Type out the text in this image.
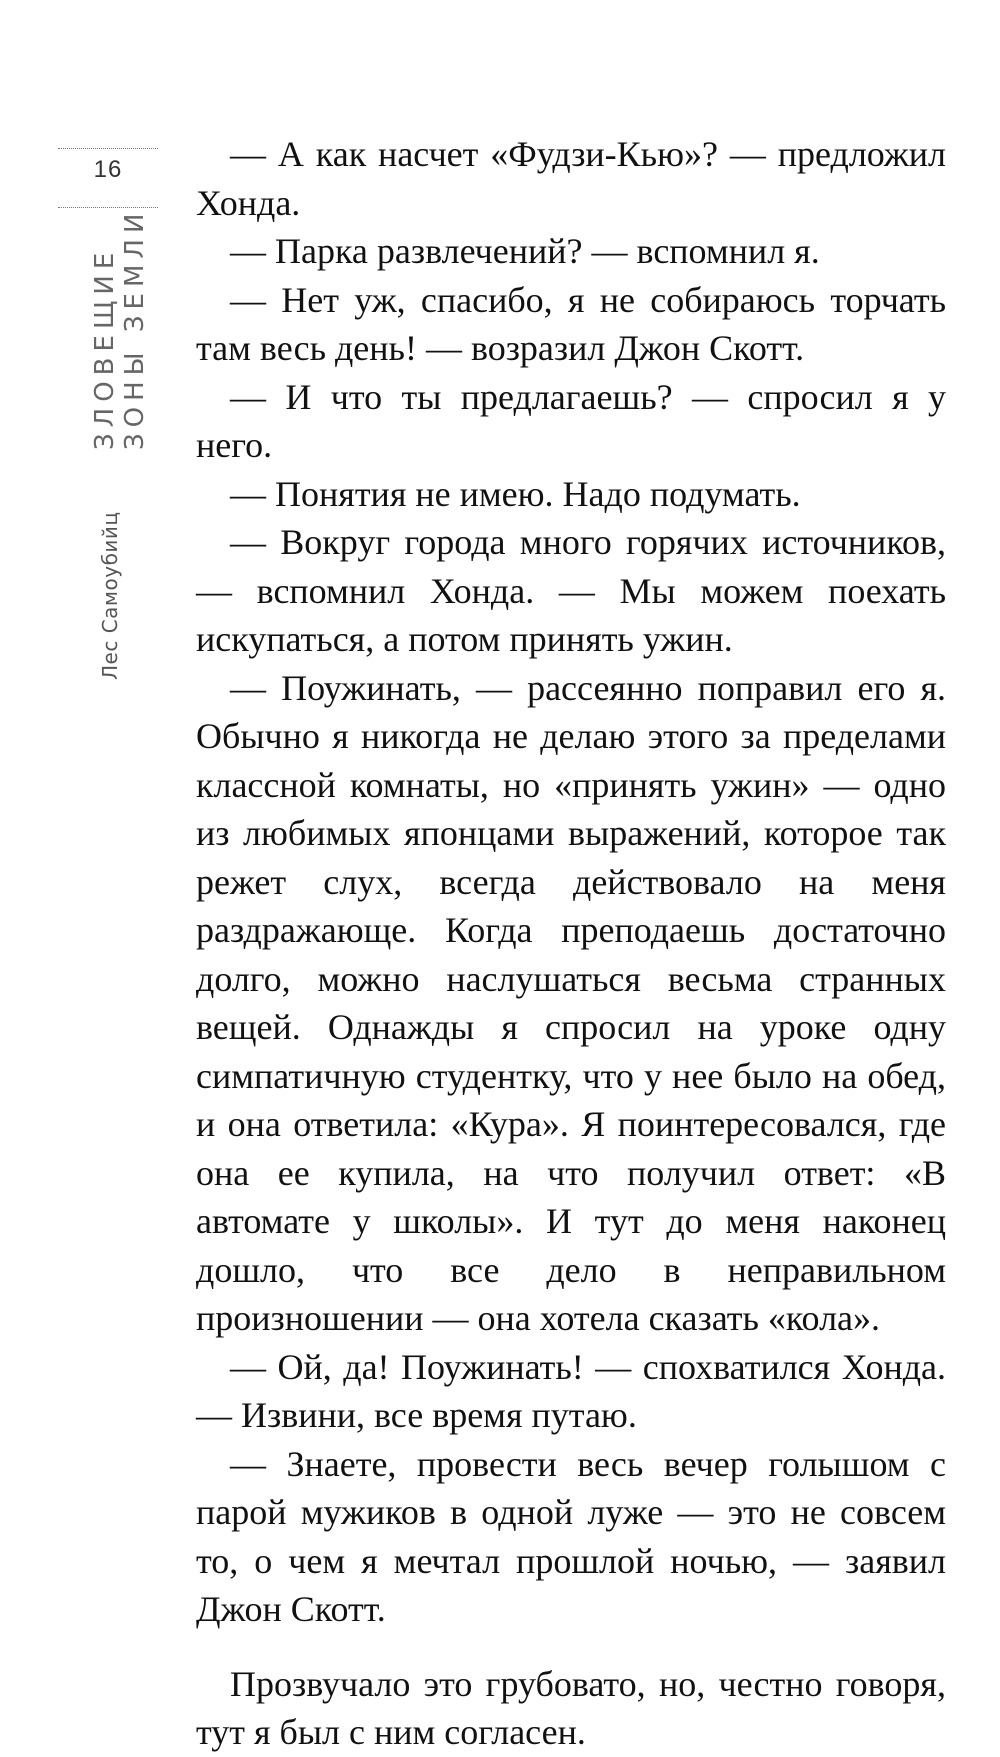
16
ЗЛОВЕЩИЕ ЗОНЫ ЗЕМЛИ
Лес Самоубийц

— А как насчет «Фудзи-Кью»? — предложил Хонда.

— Парка развлечений? — вспомнил я.

— Нет уж, спасибо, я не собираюсь торчать там весь день! — возразил Джон Скотт.

— И что ты предлагаешь? — спросил я у него.

— Понятия не имею. Надо подумать.

— Вокруг города много горячих источников, — вспомнил Хонда. — Мы можем поехать искупаться, а потом принять ужин.

— Поужинать, — рассеянно поправил его я. Обычно я никогда не делаю этого за пределами классной комнаты, но «принять ужин» — одно из любимых японцами выражений, которое так режет слух, всегда действовало на меня раздражающе. Когда преподаешь достаточно долго, можно наслушаться весьма странных вещей. Однажды я спросил на уроке одну симпатичную студентку, что у нее было на обед, и она ответила: «Кура». Я поинтересовался, где она ее купила, на что получил ответ: «В автомате у школы». И тут до меня наконец дошло, что все дело в неправильном произношении — она хотела сказать «кола».

— Ой, да! Поужинать! — спохватился Хонда. — Извини, все время путаю.

— Знаете, провести весь вечер голышом с парой мужиков в одной луже — это не совсем то, о чем я мечтал прошлой ночью, — заявил Джон Скотт.

Прозвучало это грубовато, но, честно говоря, тут я был с ним согласен.
